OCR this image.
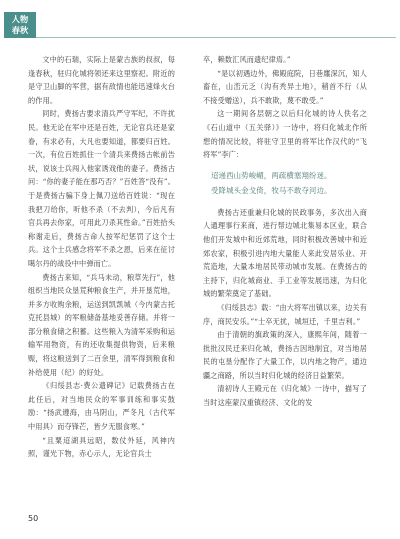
人物
春秋

文中的石瑞，实际上是蒙古族的叔叔，每逢春秋，驻归化城将领还来这里察祀。附近的是守卫山脚的军营，据有敌情也能迅速烽火台的作用。

同时，费扬古要求清兵严守军纪，不许扰民。他无论在军中还是百姓，无论官兵还是家眷，有求必有，大凡也要知道，都要归百姓。一次，有位百姓抓住一个清兵来费扬古帐前告状，说该士兵闯入他家诱戏他的妻子。费扬古问：“你的妻子能在那巧否？”百姓答“没有”。于是费扬古骗下身上佩刀送给百姓说：“现在我把刀给你，听他不杀（不去判），今后凡有官兵再去你家，可用此刀杀其性命。”百姓拾头称谢走后，费扬古命人按军纪惩罚了这个士兵。这个士兵感念将军不杀之恩，后来在征讨噶尔丹的战役中中弹而亡。

费扬古来知，“兵马未动，粮草先行”，他组织当地民众垦荒种粮食生产，并开垦荒地，并多方收购余粮，运送到凯凯城（今内蒙古托克托县城）的军粮储备基地妥善存储。并将一部分粮食储之积蓄。这些粮入为清军采购和运输军用物资，有的还收集提供物资，后来粮赈，将这粮送到了二百余里，清军得到粮食和补给使用（纪）的好处。

《归绥县志·费公遗碑记》记载费扬古在此任后，对当地民众的军事训练和事实鼓励：“扬武遵海，由马阴山，严冬凡（古代军中用具）而夺锋芒，皆夕无服食寒。”

“且粟迢湖具远昭，数仗外延，风神内照，谨光下物，赤心示人，无论官兵士

卒，赖数汇风而遗纪律焉。”

“是以初遇边外，佛殿庭院，日巷廛深沉，知人畜在，山峦元乏（沟有秃异土地），稍首不行（从不接受赠送），兵不敢欺，蔑不敢受。”

这一期间各层朝之以后归化城的诗人佚名之《石山道中（五关驿）》一诗中，将归化城北作所想的情况比较，将驻守卫里的将军比作汉代的“飞将军”李广：

迢递西山势峻嵋，两疏横塞翔纷迷。

受降城头金戈倚，牧马不敢夺河边。

费扬古还重兼归化城的民政事务，多次出入商人通理事行来商，进行帮边城北集易本区业，联合他们开发城中和近郊荒地，同时积极改善城中和近郊农家，积极引进内地大量能人来此安居乐业、开荒造地，大量本地居民带动城市发展。在费扬古的主持下，归化城商业、手工业等发展迅速，为归化城的繁荣奠定了基础。

《归绥县志》载：“由大将军出镇以来，边关有序，商民安乐。”“士卒无扰，城垣迁，千里吉利。”

由于清朝的旗政策的深入，康熙年间，随着一批批汉民迁来归化城，费扬古因地制宜，对当地居民的屯垦分配作了大量工作，以内地之物产，通边疆之商路，所以当时归化城的经济日益繁荣。

清初诗人王殿元在《归化城》一诗中，描写了当时这座蒙汉重镇经济、文化的发

50
